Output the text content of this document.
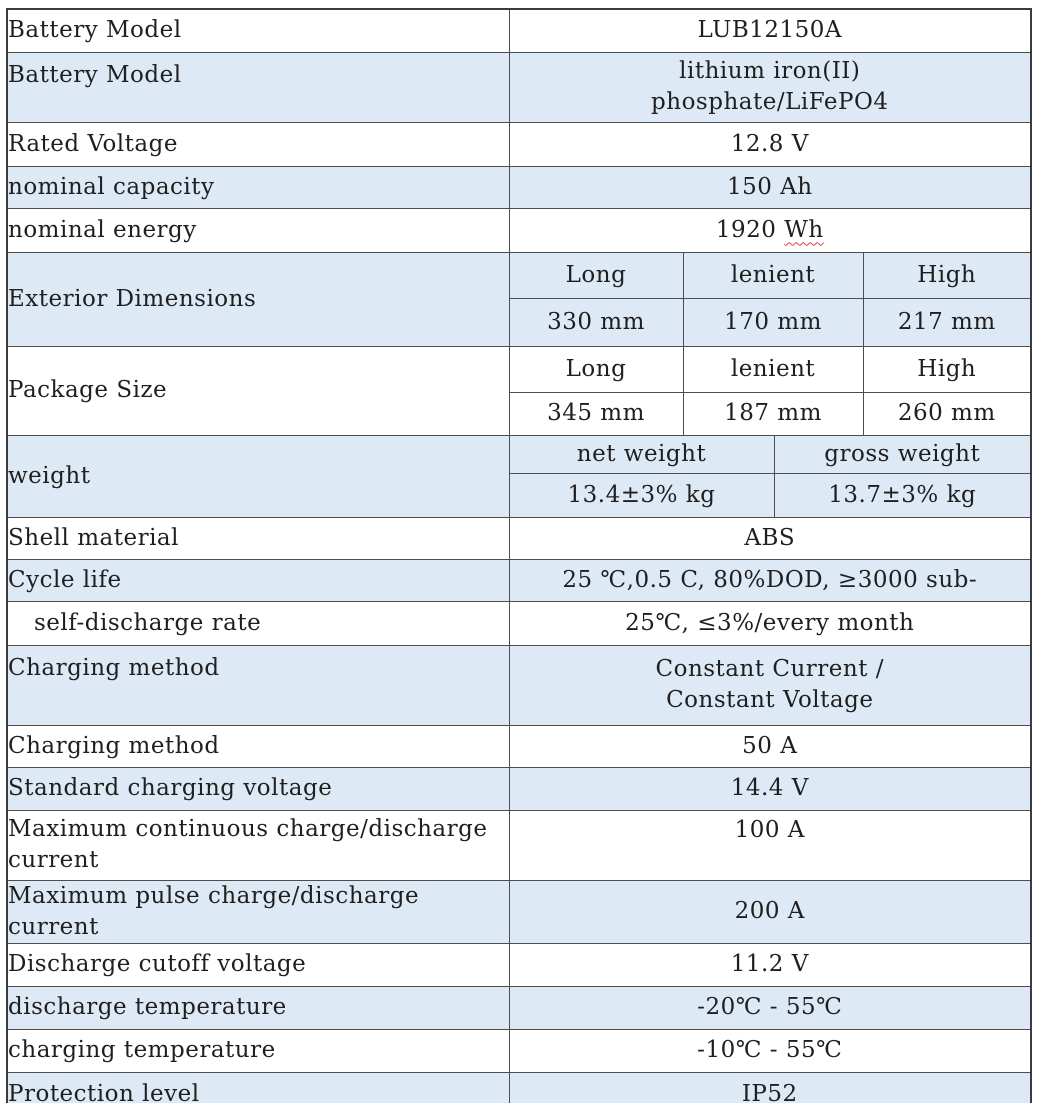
Battery Model	LUB12150A			
Battery Model	lithium iron(II)
phosphate/LiFePO4			

Rated Voltage	12.8 V			
nominal capacity	150 Ah			
nominal energy	1920 Wh			
Exterior Dimensions	Long	lenient		High
	330 mm	170 mm		217 mm
Package Size	Long	lenient		High
	345 mm	187 mm		260 mm
weight	net weight		gross weight	
	13.4±3% kg		13.7±3% kg	
Shell material	ABS			
Cycle life	25 ℃,0.5 C, 80%DOD, ≥3000 sub-			
self-discharge rate	25℃, ≤3%/every month			
Charging method	Constant Current /
Constant Voltage			

Charging method	50 A			
Standard charging voltage	14.4 V			
Maximum continuous charge/discharge current	100 A			
Maximum pulse charge/discharge current	200 A			
Discharge cutoff voltage	11.2 V			
discharge temperature	-20℃ - 55℃			
charging temperature	-10℃ - 55℃			
Protection level	IP52			
